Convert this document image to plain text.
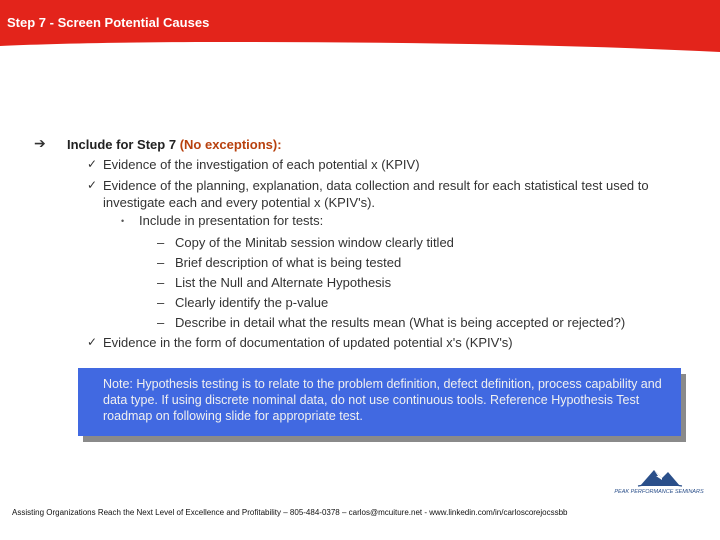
Step 7 - Screen Potential Causes
➔ Include for Step 7 (No exceptions):
✓ Evidence of the investigation of each potential x (KPIV)
✓ Evidence of the planning, explanation, data collection and result for each statistical test used to
investigate each and every potential x (KPIV's).
• Include in presentation for tests:
– Copy of the Minitab session window clearly titled
– Brief description of what is being tested
– List the Null and Alternate Hypothesis
– Clearly identify the p-value
– Describe in detail what the results mean (What is being accepted or rejected?)
✓ Evidence in the form of documentation of updated potential x's (KPIV's)

Note: Hypothesis testing is to relate to the problem definition, defect definition, process capability and data type. If using discrete nominal data, do not use continuous tools. Reference Hypothesis Test roadmap on following slide for appropriate test.

PEAK PERFORMANCE SEMINARS
Assisting Organizations Reach the Next Level of Excellence and Profitability – 805-484-0378 – carlos@mcuiture.net - www.linkedin.com/in/carloscorejocssbb
